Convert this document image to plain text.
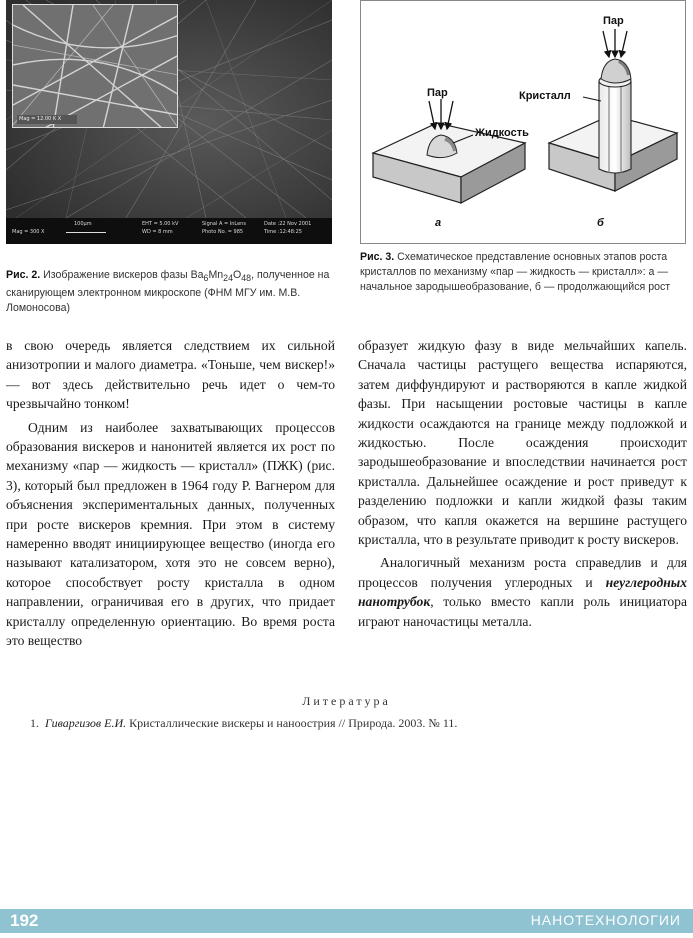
Mag = 12.00 K X
100μm
Mag = 300 X
EHT = 5.00 kV
WD = 8 mm
Signal A = InLens
Photo No. = 985
Date :22 Nov 2001
Time :12:48:25
Рис. 2. Изображение вискеров фазы $Ba_6Mn_{24}O_{48}$, полученное на сканирующем электронном микроскопе (ФНМ МГУ им. М.В. Ломоносова)
Пар
Жидкость
Пар
Кристалл
а	б
Рис. 3. Схематическое представление основных этапов роста кристаллов по механизму «пар — жидкость — кристалл»: а — начальное зародышеобразование, б — продолжающийся рост

в свою очередь является следствием их сильной анизотропии и малого диаметра. «Тоньше, чем вискер!» — вот здесь действительно речь идет о чем-то чрезвычайно тонком!

Одним из наиболее захватывающих процессов образования вискеров и нанонитей является их рост по механизму «пар — жидкость — кристалл» (ПЖК) (рис. 3), который был предложен в 1964 году Р. Вагнером для объяснения экспериментальных данных, полученных при росте вискеров кремния. При этом в систему намеренно вводят инициирующее вещество (иногда его называют катализатором, хотя это не совсем верно), которое способствует росту кристалла в одном направлении, ограничивая его в других, что придает кристаллу определенную ориентацию. Во время роста это вещество

образует жидкую фазу в виде мельчайших капель. Сначала частицы растущего вещества испаряются, затем диффундируют и растворяются в капле жидкой фазы. При насыщении ростовые частицы в капле жидкости осаждаются на границе между подложкой и жидкостью. После осаждения происходит зародышеобразование и впоследствии начинается рост кристалла. Дальнейшее осаждение и рост приведут к разделению подложки и капли жидкой фазы таким образом, что капля окажется на вершине растущего кристалла, что в результате приводит к росту вискеров.

Аналогичный механизм роста справедлив и для процессов получения углеродных и неуглеродных нанотрубок, только вместо капли роль инициатора играют наночастицы металла.

Литература
1. Гиваргизов Е.И. Кристаллические вискеры и наноострия // Природа. 2003. № 11.
192	НАНОТЕХНОЛОГИИ
